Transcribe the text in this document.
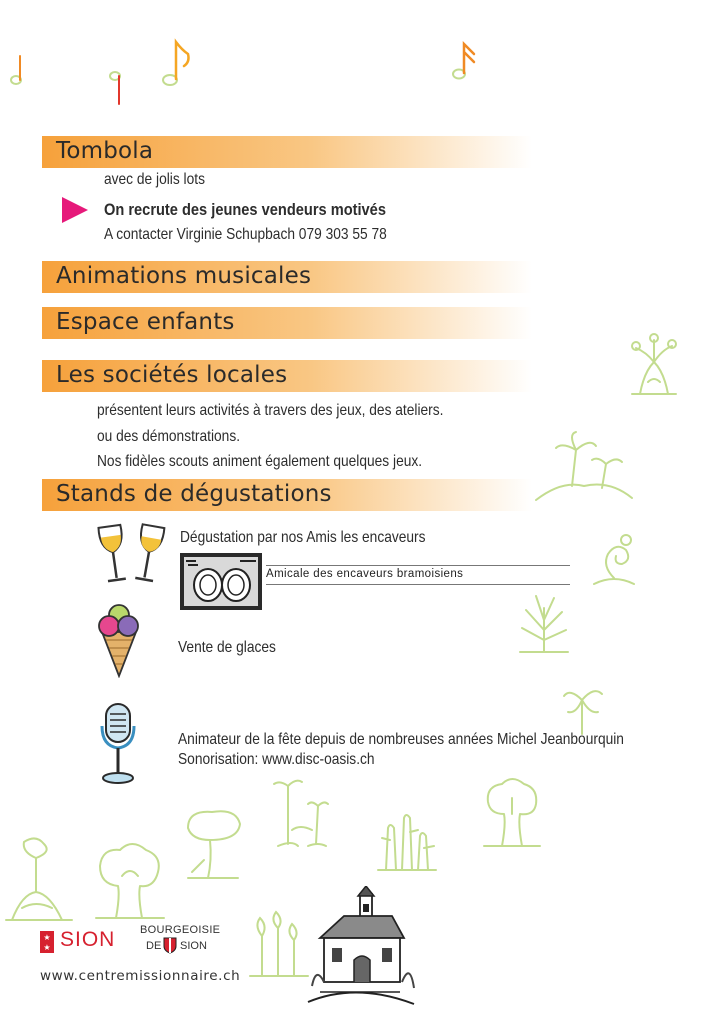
Tombola
avec de jolis lots
On recrute des jeunes vendeurs motivés
A contacter Virginie Schupbach 079 303 55 78
Animations musicales
Espace enfants
Les sociétés locales
présentent leurs activités à travers des jeux, des ateliers.
ou des démonstrations.
Nos fidèles scouts animent également quelques jeux.
Stands de dégustations
Dégustation par nos Amis les encaveurs
Amicale des encaveurs bramoisiens
Vente de glaces
Animateur de la fête depuis de nombreuses années Michel Jeanbourquin
Sonorisation: www.disc-oasis.ch
★
★ SION BOURGEOISIE
DE SION
www.centremissionnaire.ch
